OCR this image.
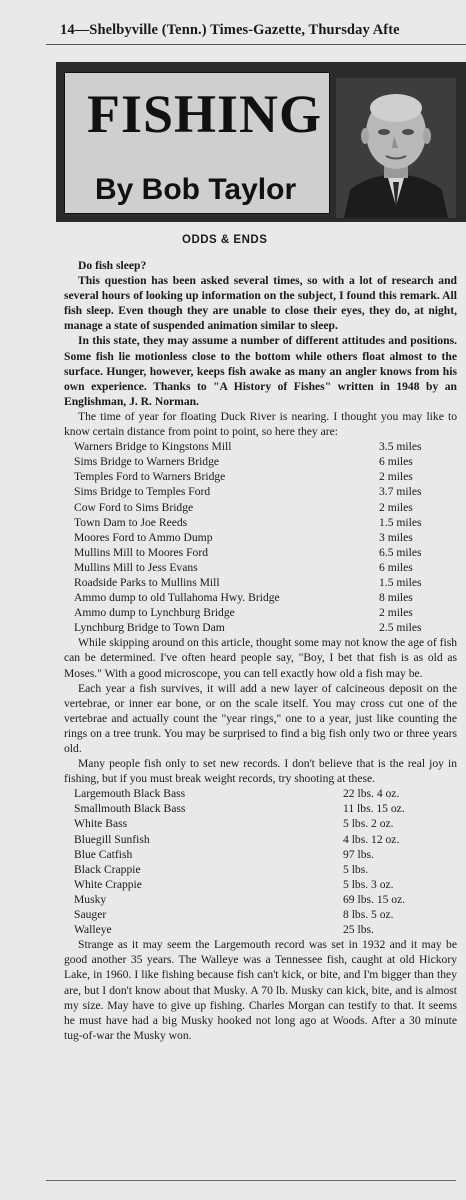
14—Shelbyville (Tenn.) Times-Gazette, Thursday Afte
FISHING
By Bob Taylor
ODDS & ENDS

Do fish sleep?

This question has been asked several times, so with a lot of research and several hours of looking up information on the subject, I found this remark. All fish sleep. Even though they are unable to close their eyes, they do, at night, manage a state of suspended animation similar to sleep.

In this state, they may assume a number of different attitudes and positions. Some fish lie motionless close to the bottom while others float almost to the surface. Hunger, however, keeps fish awake as many an angler knows from his own experience. Thanks to "A History of Fishes" written in 1948 by an Englishman, J. R. Norman.

The time of year for floating Duck River is nearing. I thought you may like to know certain distance from point to point, so here they are:

Warners Bridge to Kingstons Mill	3.5 miles
Sims Bridge to Warners Bridge	6 miles
Temples Ford to Warners Bridge	2 miles
Sims Bridge to Temples Ford	3.7 miles
Cow Ford to Sims Bridge	2 miles
Town Dam to Joe Reeds	1.5 miles
Moores Ford to Ammo Dump	3 miles
Mullins Mill to Moores Ford	6.5 miles
Mullins Mill to Jess Evans	6 miles
Roadside Parks to Mullins Mill	1.5 miles
Ammo dump to old Tullahoma Hwy. Bridge	8 miles
Ammo dump to Lynchburg Bridge	2 miles
Lynchburg Bridge to Town Dam	2.5 miles

While skipping around on this article, thought some may not know the age of fish can be determined. I've often heard people say, "Boy, I bet that fish is as old as Moses." With a good microscope, you can tell exactly how old a fish may be.

Each year a fish survives, it will add a new layer of calcineous deposit on the vertebrae, or inner ear bone, or on the scale itself. You may cross cut one of the vertebrae and actually count the "year rings," one to a year, just like counting the rings on a tree trunk. You may be surprised to find a big fish only two or three years old.

Many people fish only to set new records. I don't believe that is the real joy in fishing, but if you must break weight records, try shooting at these.

Largemouth Black Bass	22 lbs. 4 oz.
Smallmouth Black Bass	11 lbs. 15 oz.
White Bass	5 lbs. 2 oz.
Bluegill Sunfish	4 lbs. 12 oz.
Blue Catfish	97 lbs.
Black Crappie	5 lbs.
White Crappie	5 lbs. 3 oz.
Musky	69 lbs. 15 oz.
Sauger	8 lbs. 5 oz.
Walleye	25 lbs.

Strange as it may seem the Largemouth record was set in 1932 and it may be good another 35 years. The Walleye was a Tennessee fish, caught at old Hickory Lake, in 1960. I like fishing because fish can't kick, or bite, and I'm bigger than they are, but I don't know about that Musky. A 70 lb. Musky can kick, bite, and is almost my size. May have to give up fishing. Charles Morgan can testify to that. It seems he must have had a big Musky hooked not long ago at Woods. After a 30 minute tug-of-war the Musky won.
